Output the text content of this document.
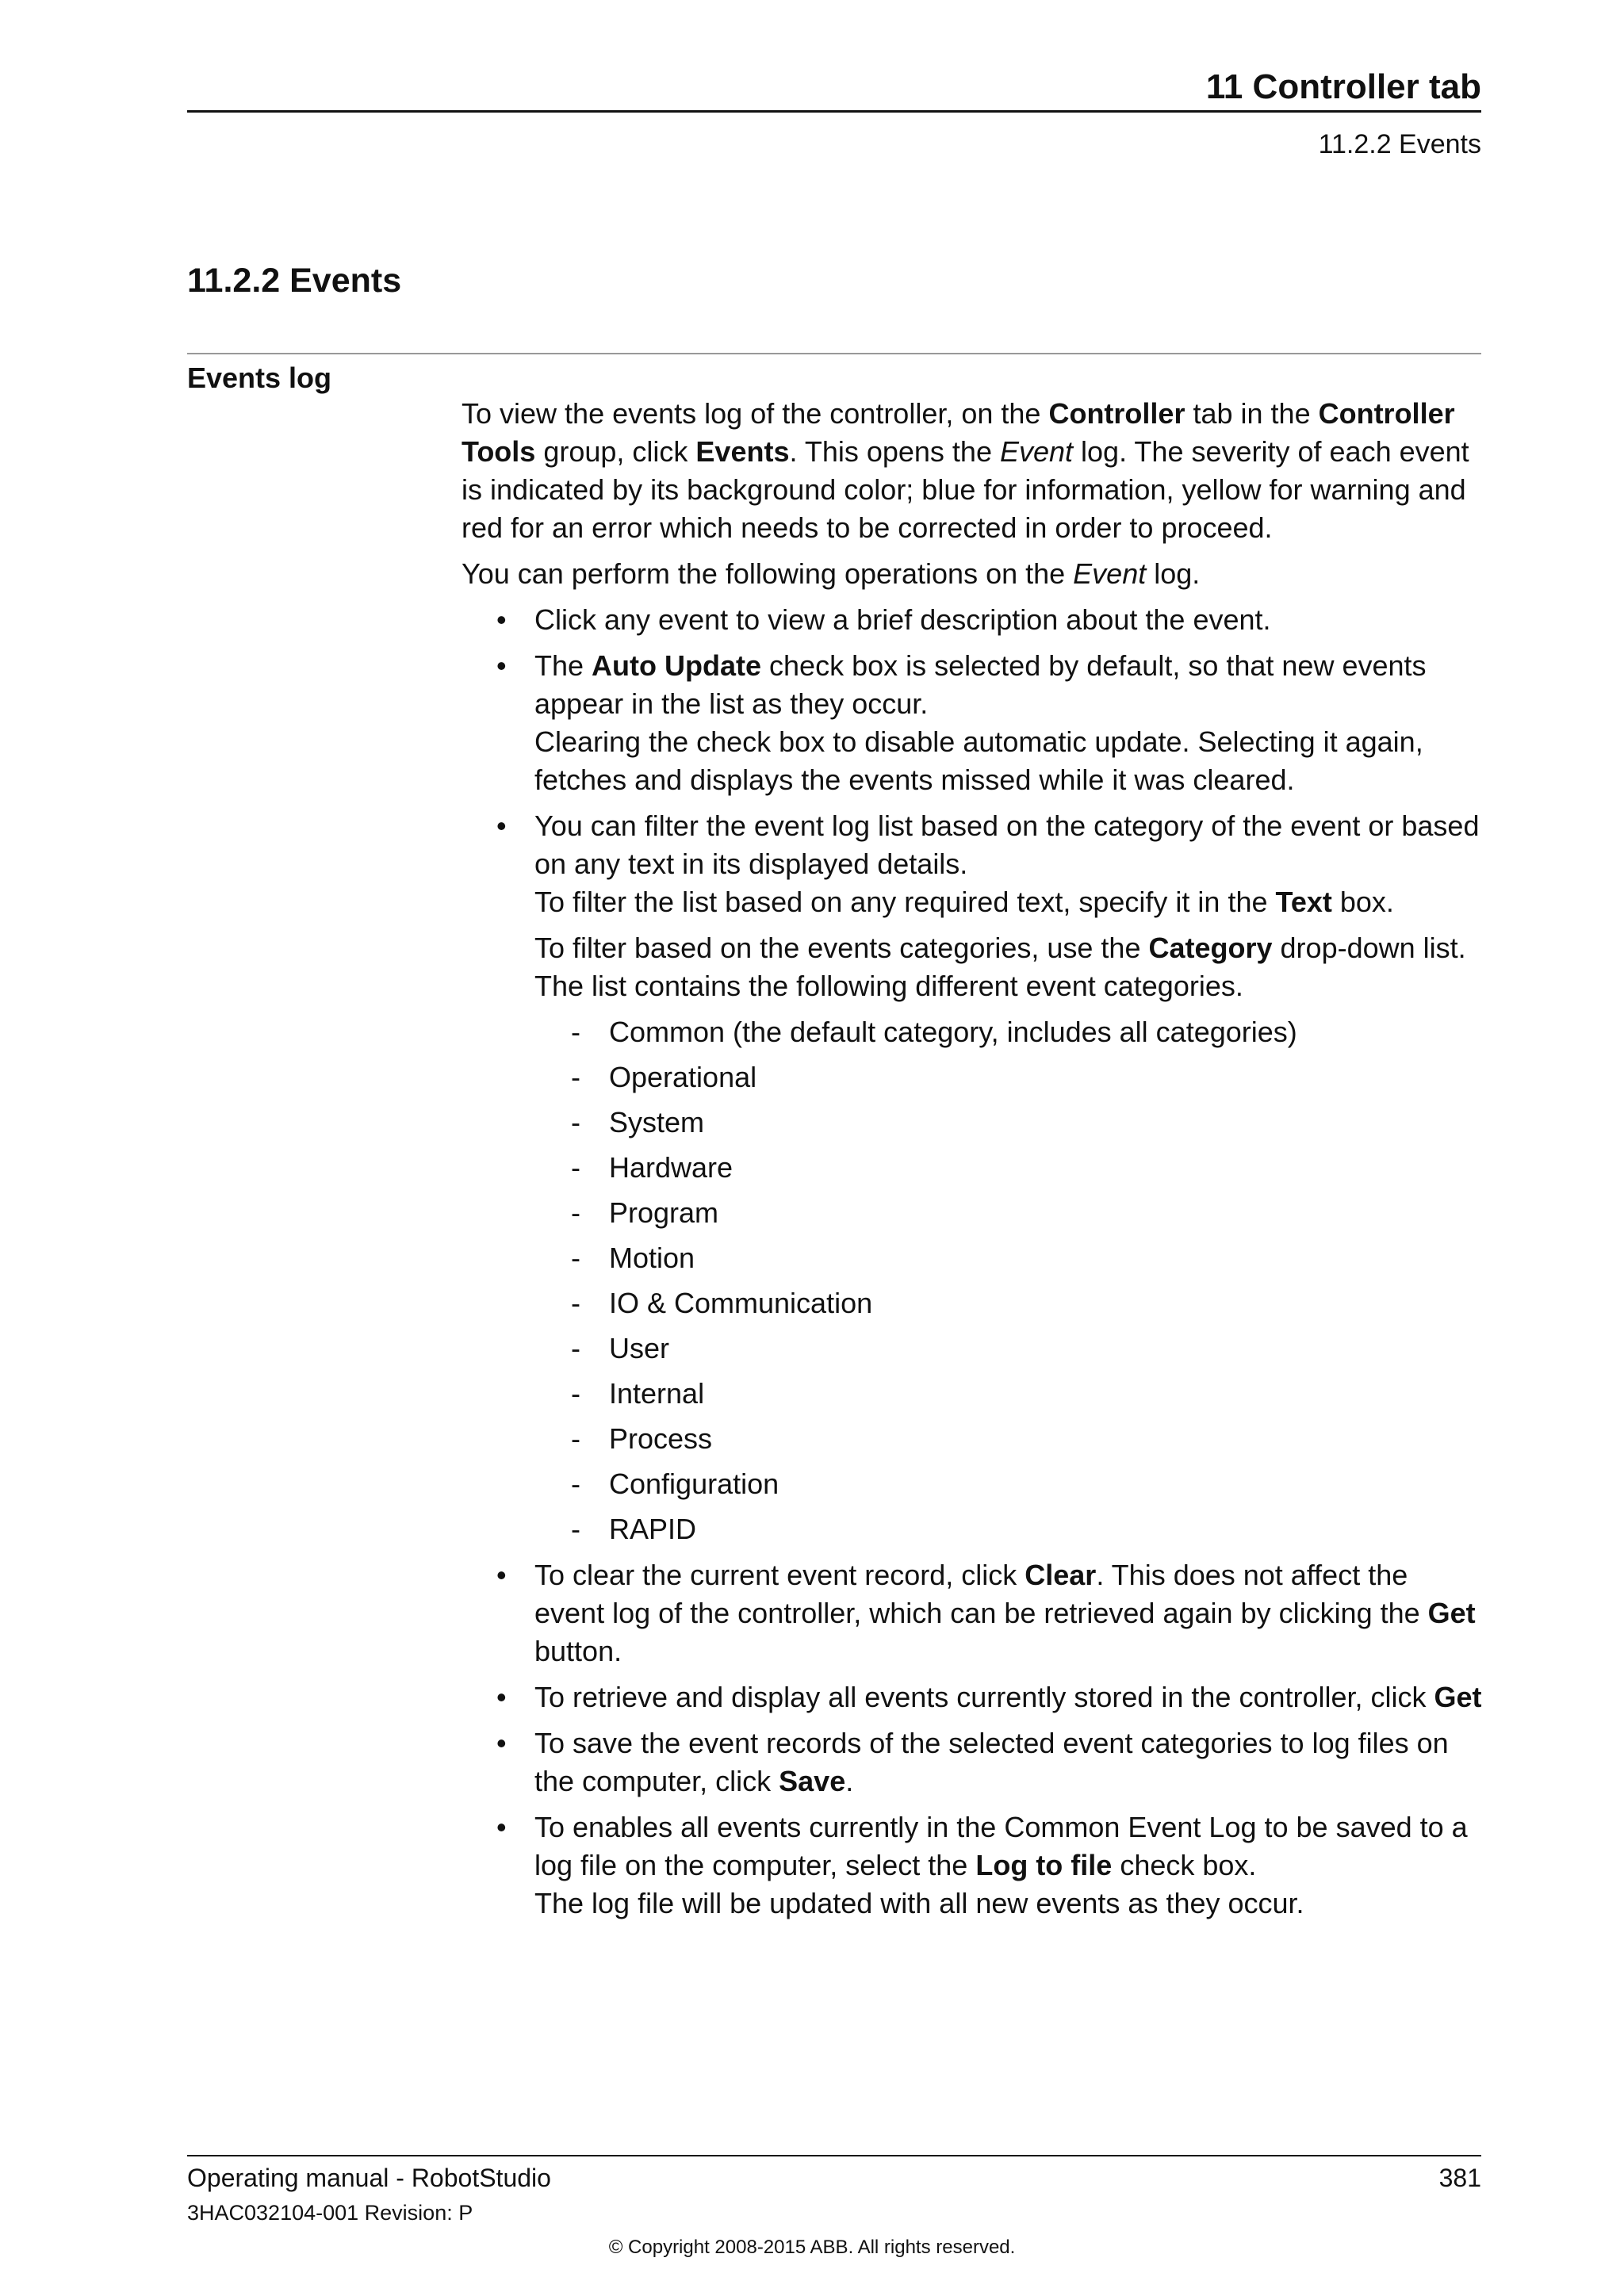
11 Controller tab
11.2.2 Events
11.2.2 Events
Events log

To view the events log of the controller, on the Controller tab in the Controller Tools group, click Events. This opens the Event log. The severity of each event is indicated by its background color; blue for information, yellow for warning and red for an error which needs to be corrected in order to proceed.

You can perform the following operations on the Event log.

• Click any event to view a brief description about the event.
• The Auto Update check box is selected by default, so that new events appear in the list as they occur.

Clearing the check box to disable automatic update. Selecting it again, fetches and displays the events missed while it was cleared.

• You can filter the event log list based on the category of the event or based on any text in its displayed details.

To filter the list based on any required text, specify it in the Text box.

To filter based on the events categories, use the Category drop-down list. The list contains the following different event categories.

- Common (the default category, includes all categories)
- Operational
- System
- Hardware
- Program
- Motion
- IO & Communication
- User
- Internal
- Process
- Configuration
- RAPID
• To clear the current event record, click Clear. This does not affect the event log of the controller, which can be retrieved again by clicking the Get button.
• To retrieve and display all events currently stored in the controller, click Get
• To save the event records of the selected event categories to log files on the computer, click Save.
• To enables all events currently in the Common Event Log to be saved to a log file on the computer, select the Log to file check box.

The log file will be updated with all new events as they occur.

Operating manual - RobotStudio	381
3HAC032104-001 Revision: P
© Copyright 2008-2015 ABB. All rights reserved.
